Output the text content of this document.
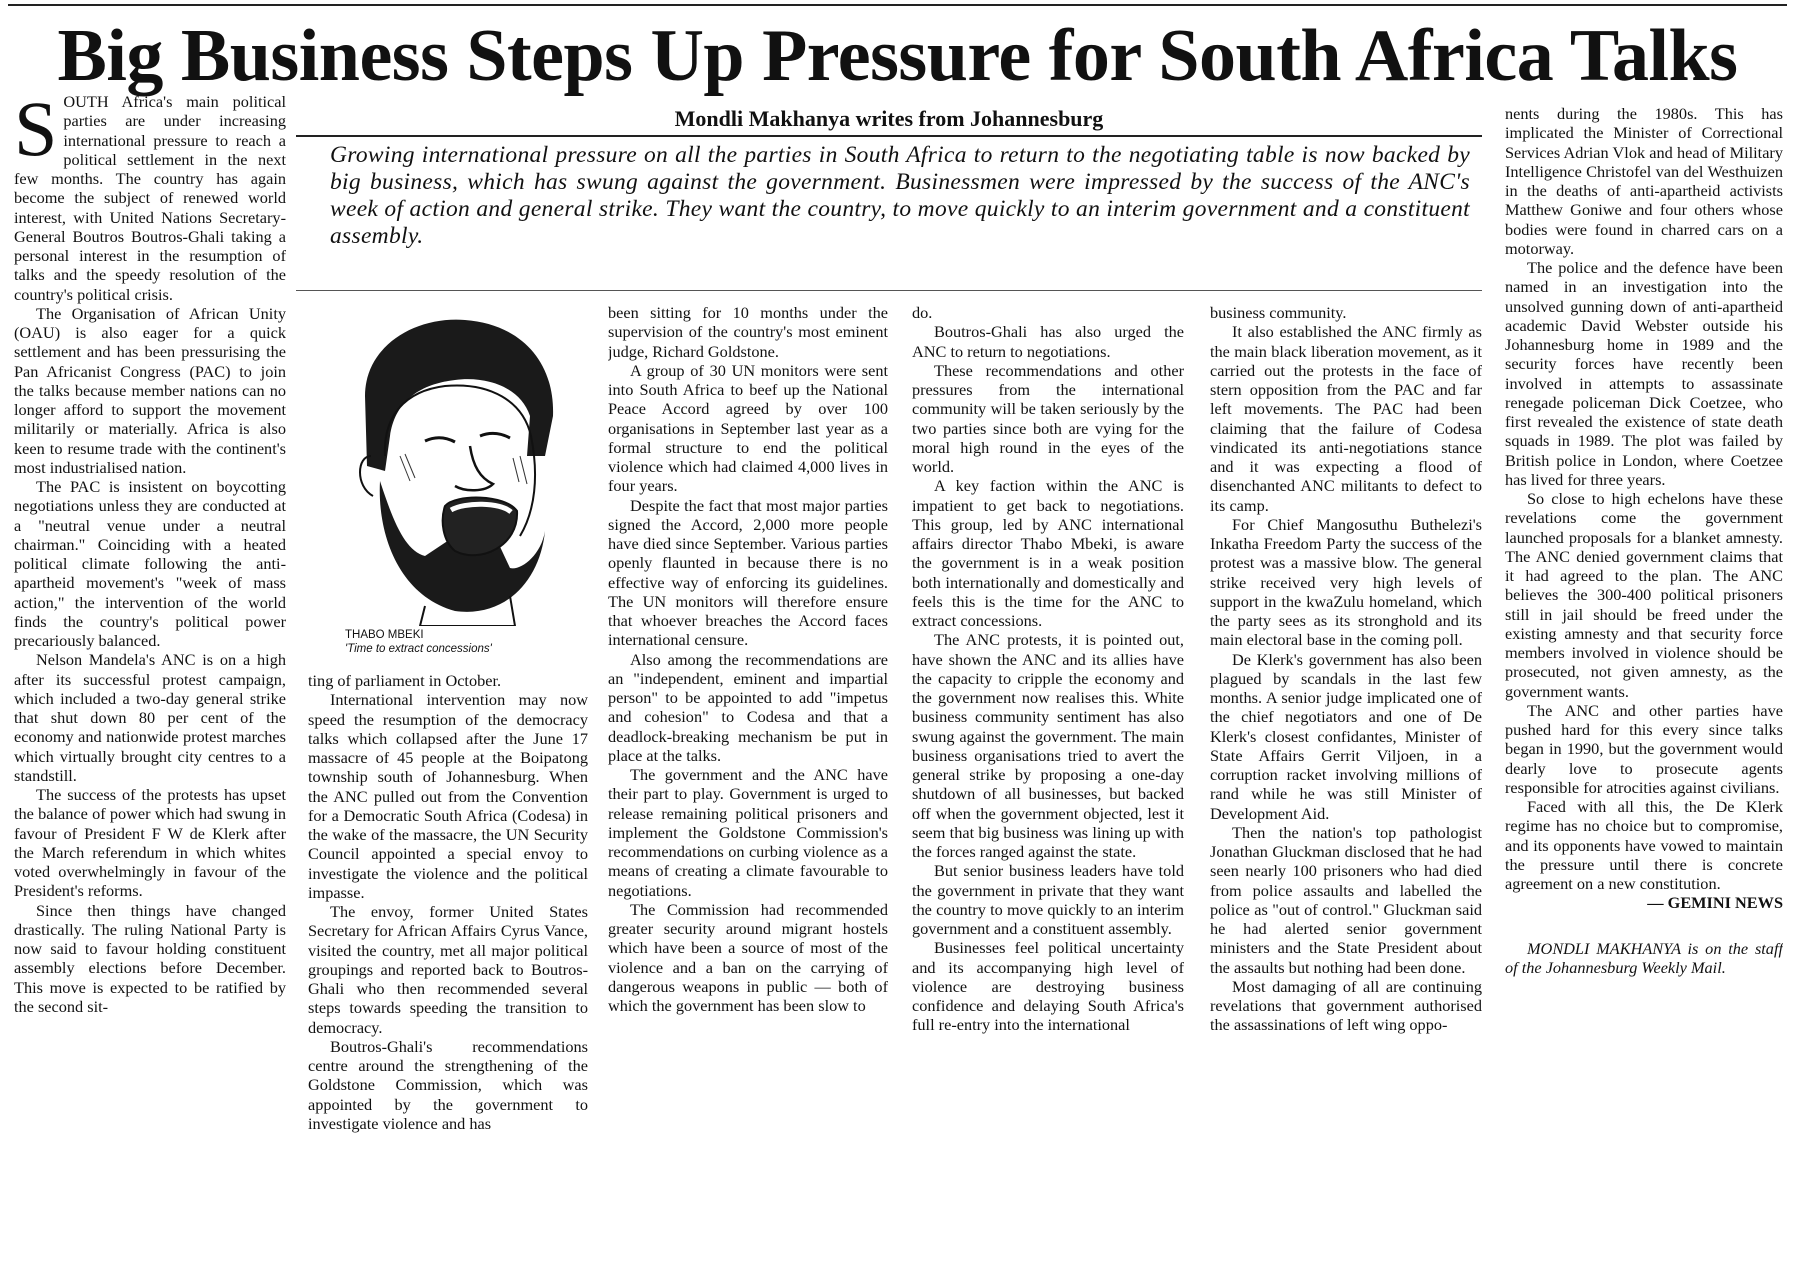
Big Business Steps Up Pressure for South Africa Talks
Mondli Makhanya writes from Johannesburg
Growing international pressure on all the parties in South Africa to return to the negotiating table is now backed by big business, which has swung against the government. Businessmen were impressed by the success of the ANC's week of action and general strike. They want the country, to move quickly to an interim government and a constituent assembly.

SOUTH Africa's main political parties are under increasing international pressure to reach a political settlement in the next few months. The country has again become the subject of renewed world interest, with United Nations Secretary-General Boutros Boutros-Ghali taking a personal interest in the resumption of talks and the speedy resolution of the country's political crisis.

The Organisation of African Unity (OAU) is also eager for a quick settlement and has been pressurising the Pan Africanist Congress (PAC) to join the talks because member nations can no longer afford to support the movement militarily or materially. Africa is also keen to resume trade with the continent's most industrialised nation.

The PAC is insistent on boycotting negotiations unless they are conducted at a "neutral venue under a neutral chairman." Coinciding with a heated political climate following the anti-apartheid movement's "week of mass action," the intervention of the world finds the country's political power precariously balanced.

Nelson Mandela's ANC is on a high after its successful protest campaign, which included a two-day general strike that shut down 80 per cent of the economy and nationwide protest marches which virtually brought city centres to a standstill.

The success of the protests has upset the balance of power which had swung in favour of President F W de Klerk after the March referendum in which whites voted overwhelmingly in favour of the President's reforms.

Since then things have changed drastically. The ruling National Party is now said to favour holding constituent assembly elections before December. This move is expected to be ratified by the second sit-

THABO MBEKI
'Time to extract concessions'

ting of parliament in October.

International intervention may now speed the resumption of the democracy talks which collapsed after the June 17 massacre of 45 people at the Boipatong township south of Johannesburg. When the ANC pulled out from the Convention for a Democratic South Africa (Codesa) in the wake of the massacre, the UN Security Council appointed a special envoy to investigate the violence and the political impasse.

The envoy, former United States Secretary for African Affairs Cyrus Vance, visited the country, met all major political groupings and reported back to Boutros-Ghali who then recommended several steps towards speeding the transition to democracy.

Boutros-Ghali's recommendations centre around the strengthening of the Goldstone Commission, which was appointed by the government to investigate violence and has

been sitting for 10 months under the supervision of the country's most eminent judge, Richard Goldstone.

A group of 30 UN monitors were sent into South Africa to beef up the National Peace Accord agreed by over 100 organisations in September last year as a formal structure to end the political violence which had claimed 4,000 lives in four years.

Despite the fact that most major parties signed the Accord, 2,000 more people have died since September. Various parties openly flaunted in because there is no effective way of enforcing its guidelines. The UN monitors will therefore ensure that whoever breaches the Accord faces international censure.

Also among the recommendations are an "independent, eminent and impartial person" to be appointed to add "impetus and cohesion" to Codesa and that a deadlock-breaking mechanism be put in place at the talks.

The government and the ANC have their part to play. Government is urged to release remaining political prisoners and implement the Goldstone Commission's recommendations on curbing violence as a means of creating a climate favourable to negotiations.

The Commission had recommended greater security around migrant hostels which have been a source of most of the violence and a ban on the carrying of dangerous weapons in public — both of which the government has been slow to

do.

Boutros-Ghali has also urged the ANC to return to negotiations.

These recommendations and other pressures from the international community will be taken seriously by the two parties since both are vying for the moral high round in the eyes of the world.

A key faction within the ANC is impatient to get back to negotiations. This group, led by ANC international affairs director Thabo Mbeki, is aware the government is in a weak position both internationally and domestically and feels this is the time for the ANC to extract concessions.

The ANC protests, it is pointed out, have shown the ANC and its allies have the capacity to cripple the economy and the government now realises this. White business community sentiment has also swung against the government. The main business organisations tried to avert the general strike by proposing a one-day shutdown of all businesses, but backed off when the government objected, lest it seem that big business was lining up with the forces ranged against the state.

But senior business leaders have told the government in private that they want the country to move quickly to an interim government and a constituent assembly.

Businesses feel political uncertainty and its accompanying high level of violence are destroying business confidence and delaying South Africa's full re-entry into the international

business community.

It also established the ANC firmly as the main black liberation movement, as it carried out the protests in the face of stern opposition from the PAC and far left movements. The PAC had been claiming that the failure of Codesa vindicated its anti-negotiations stance and it was expecting a flood of disenchanted ANC militants to defect to its camp.

For Chief Mangosuthu Buthelezi's Inkatha Freedom Party the success of the protest was a massive blow. The general strike received very high levels of support in the kwaZulu homeland, which the party sees as its stronghold and its main electoral base in the coming poll.

De Klerk's government has also been plagued by scandals in the last few months. A senior judge implicated one of the chief negotiators and one of De Klerk's closest confidantes, Minister of State Affairs Gerrit Viljoen, in a corruption racket involving millions of rand while he was still Minister of Development Aid.

Then the nation's top pathologist Jonathan Gluckman disclosed that he had seen nearly 100 prisoners who had died from police assaults and labelled the police as "out of control." Gluckman said he had alerted senior government ministers and the State President about the assaults but nothing had been done.

Most damaging of all are continuing revelations that government authorised the assassinations of left wing oppo-

nents during the 1980s. This has implicated the Minister of Correctional Services Adrian Vlok and head of Military Intelligence Christofel van del Westhuizen in the deaths of anti-apartheid activists Matthew Goniwe and four others whose bodies were found in charred cars on a motorway.

The police and the defence have been named in an investigation into the unsolved gunning down of anti-apartheid academic David Webster outside his Johannesburg home in 1989 and the security forces have recently been involved in attempts to assassinate renegade policeman Dick Coetzee, who first revealed the existence of state death squads in 1989. The plot was failed by British police in London, where Coetzee has lived for three years.

So close to high echelons have these revelations come the government launched proposals for a blanket amnesty. The ANC denied government claims that it had agreed to the plan. The ANC believes the 300-400 political prisoners still in jail should be freed under the existing amnesty and that security force members involved in violence should be prosecuted, not given amnesty, as the government wants.

The ANC and other parties have pushed hard for this every since talks began in 1990, but the government would dearly love to prosecute agents responsible for atrocities against civilians.

Faced with all this, the De Klerk regime has no choice but to compromise, and its opponents have vowed to maintain the pressure until there is concrete agreement on a new constitution.

— GEMINI NEWS

MONDLI MAKHANYA is on the staff of the Johannesburg Weekly Mail.
